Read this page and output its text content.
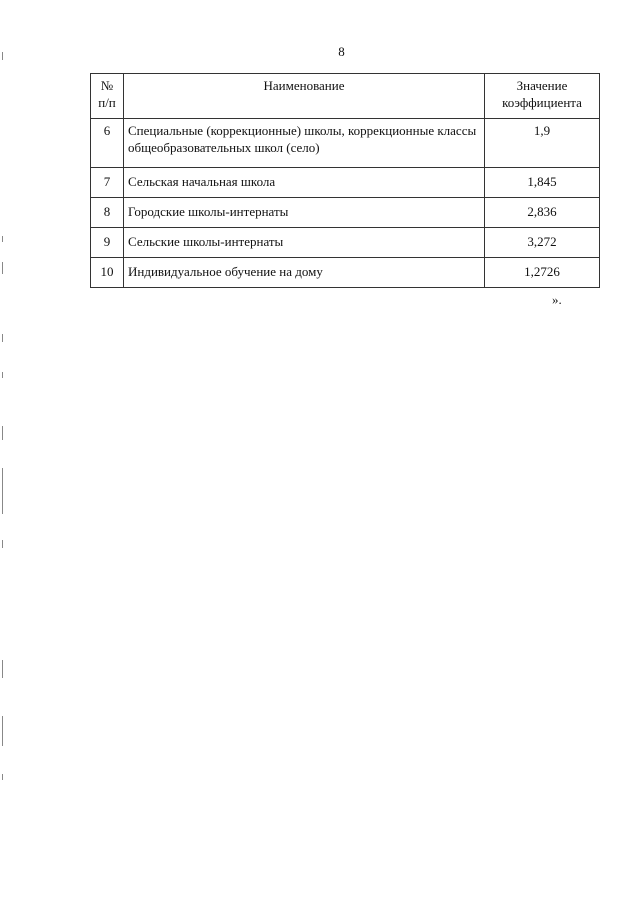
8
№ п/п	Наименование	Значение коэффициента
6	Специальные (коррекционные) школы, коррекционные классы общеобразовательных школ (село)	1,9
7	Сельская начальная школа	1,845
8	Городские школы-интернаты	2,836
9	Сельские школы-интернаты	3,272
10	Индивидуальное обучение на дому	1,2726
».
